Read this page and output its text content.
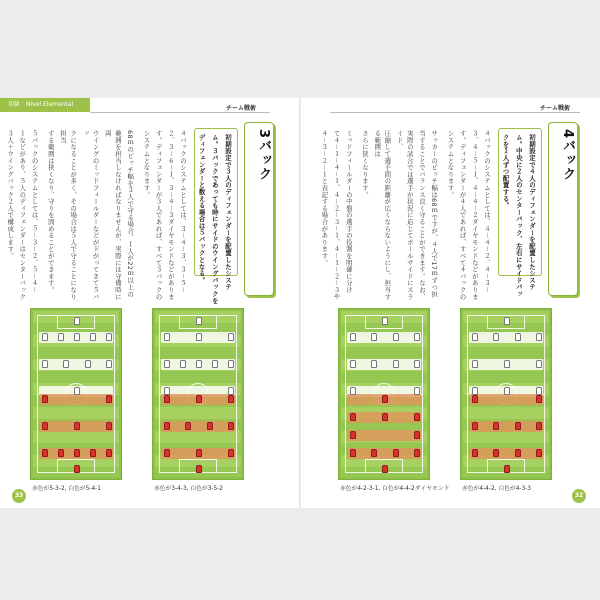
初級 Nivel Elemental
チーム戦術
3バック
初期設定で３人のディフェンダーを配置したシステ
ム。３バックであっても時にサイドのウイングバックを
ディフェンダーと数える場合は５バックとなる。
４バックのシステムとしては、３－４－３、３－５－
２、３－６－１、３－４－３ダイヤモンドなどがありま
す。ディフェンダーが３人であれば、すべて３バックの
システムとなります。
68ｍのピッチ幅を３人で守る場合、１人が22ｍ以上の
範囲を担当しなければなりませんが、実際には守備時に両
ウイングのミッドフィールダーなどが下がってきて５バッ
クになることが多く、その場合は５人で守ることになり担当
する範囲は狭くなり、守りを固めることができます。
５バックのシステムとしては、５－３－２、５－４－
１などがあり、５人のディフェンダーはセンターバック
３人＋ウイングバック２人で構成します。
赤色が5-3-2, 白色が5-4-1	赤色が3-4-3, 白色が3-5-2
33
チーム戦術
4バック
初期設定で４人のディフェンダーを配置したシステ
ム。中央に２人のセンターバック、左右にサイドバッ
クを１人ずつ配置する。
４バックのシステムとしては、４－４－２、４－３－
３、４－５－１、４－４－２ダイヤモンドなどがありま
す。ディフェンダーが４人であれば、すべて４バックの
システムとなります。
サッカーのピッチ幅は68ｍですが、４人で17ｍずつ担
当することでバランス良く守ることができます。なお、
実際の試合では選手が状況に応じてボールサイドにスライド、
圧縮して選手間の距離が広くならないようにし、担当する範囲は
さらに狭くなります。
ミッドフィールダーの中盤の選手の役割を明確に分け
て４－１－４－１、４－２－３－１、４－１－２－３や
４－３－２－１と表記する場合があります。
赤色が4-2-3-1, 白色が4-4-2ダイヤモンド 赤色が4-4-2, 白色が4-3-3
32
